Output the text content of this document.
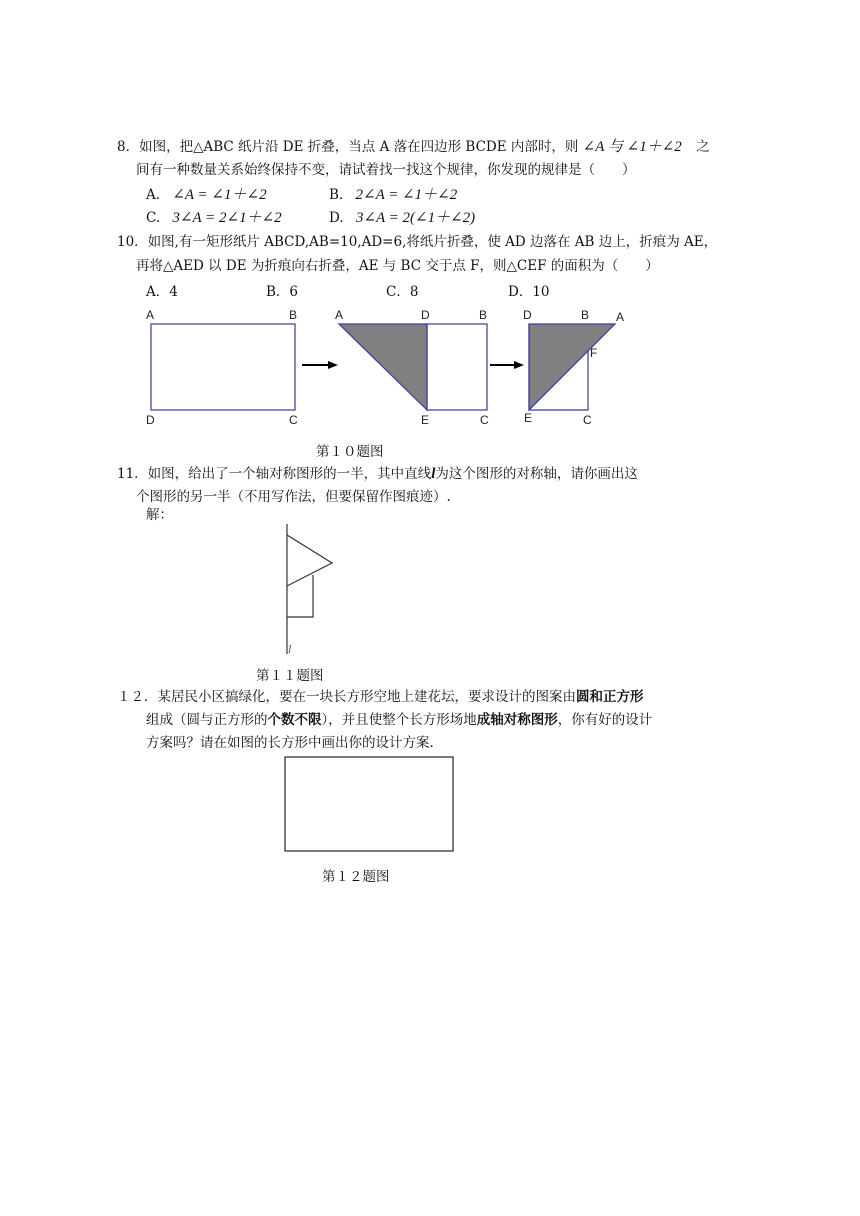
8．如图，把△ABC 纸片沿 DE 折叠，当点 A 落在四边形 BCDE 内部时，则 ∠A 与 ∠1＋∠2 之
间有一种数量关系始终保持不变，请试着找一找这个规律，你发现的规律是（　　）
A. ∠A = ∠1＋∠2	B. 2∠A = ∠1＋∠2
C. 3∠A = 2∠1＋∠2	D. 3∠A = 2(∠1＋∠2)
10．如图,有一矩形纸片 ABCD,AB=10,AD=6,将纸片折叠，使 AD 边落在 AB 边上，折痕为 AE，
再将△AED 以 DE 为折痕向右折叠，AE 与 BC 交于点 F，则△CEF 的面积为（　　）
A．4	B．6	C．8	D．10
A	B
D	C
A	D	B
E	C
D	B A
F
E	C
第１０题图
11．如图，给出了一个轴对称图形的一半，其中直线l为这个图形的对称轴，请你画出这
个图形的另一半（不用写作法，但要保留作图痕迹）.
解：
l
第１１题图
１２．某居民小区搞绿化，要在一块长方形空地上建花坛，要求设计的图案由圆和正方形
组成（圆与正方形的个数不限），并且使整个长方形场地成轴对称图形，你有好的设计
方案吗？请在如图的长方形中画出你的设计方案.
第１２题图
